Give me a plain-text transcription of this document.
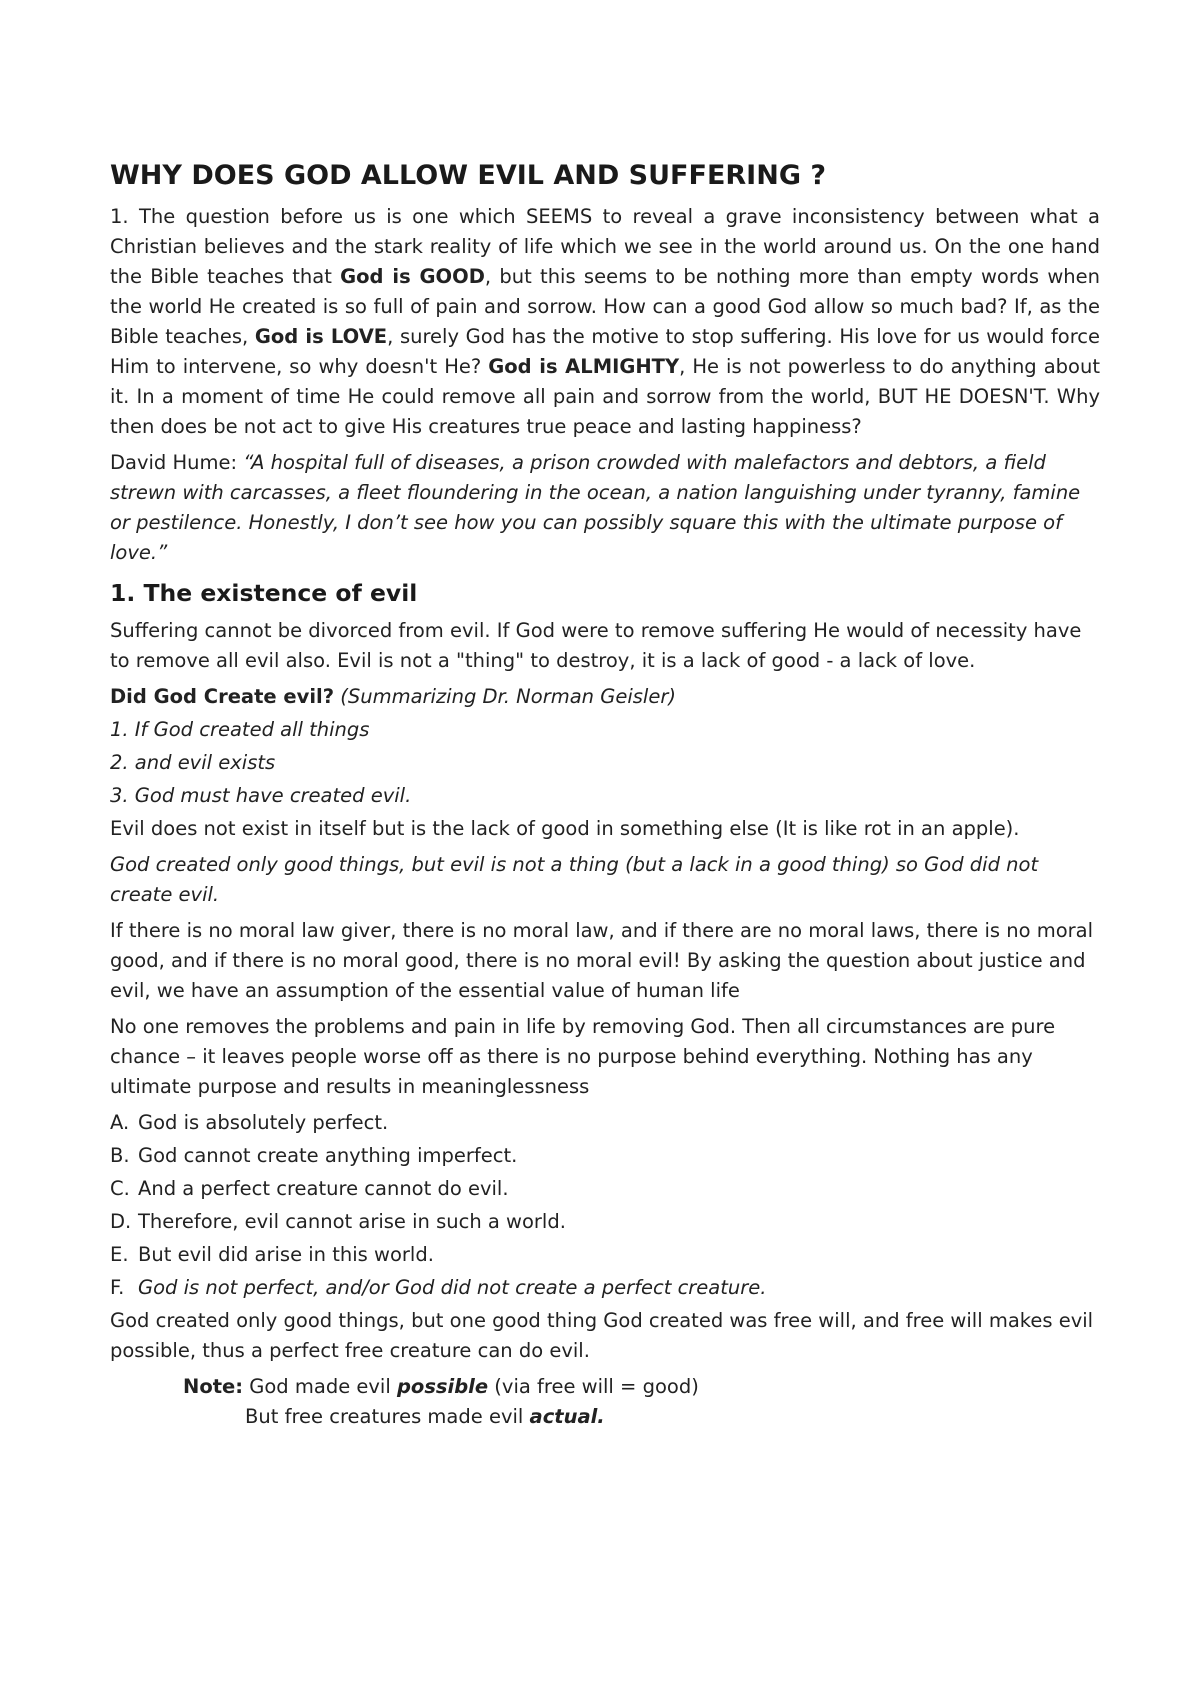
WHY DOES GOD ALLOW EVIL AND SUFFERING ?

1. The question before us is one which SEEMS to reveal a grave inconsistency between what a Christian believes and the stark reality of life which we see in the world around us. On the one hand the Bible teaches that God is GOOD, but this seems to be nothing more than empty words when the world He created is so full of pain and sorrow. How can a good God allow so much bad? If, as the Bible teaches, God is LOVE, surely God has the motive to stop suffering. His love for us would force Him to intervene, so why doesn't He? God is ALMIGHTY, He is not powerless to do anything about it. In a moment of time He could remove all pain and sorrow from the world, BUT HE DOESN'T. Why then does be not act to give His creatures true peace and lasting happiness?

David Hume: “A hospital full of diseases, a prison crowded with malefactors and debtors, a field strewn with carcasses, a fleet floundering in the ocean, a nation languishing under tyranny, famine or pestilence. Honestly, I don’t see how you can possibly square this with the ultimate purpose of love.”

1. The existence of evil

Suffering cannot be divorced from evil. If God were to remove suffering He would of necessity have to remove all evil also. Evil is not a "thing" to destroy, it is a lack of good - a lack of love.

Did God Create evil? (Summarizing Dr. Norman Geisler)

1. If God created all things

2. and evil exists

3. God must have created evil.

Evil does not exist in itself but is the lack of good in something else (It is like rot in an apple).

God created only good things, but evil is not a thing (but a lack in a good thing) so God did not create evil.

If there is no moral law giver, there is no moral law, and if there are no moral laws, there is no moral good, and if there is no moral good, there is no moral evil! By asking the question about justice and evil, we have an assumption of the essential value of human life

No one removes the problems and pain in life by removing God. Then all circumstances are pure chance – it leaves people worse off as there is no purpose behind everything. Nothing has any ultimate purpose and results in meaninglessness

A. God is absolutely perfect.

B. God cannot create anything imperfect.

C. And a perfect creature cannot do evil.

D. Therefore, evil cannot arise in such a world.

E. But evil did arise in this world.

F. God is not perfect, and/or God did not create a perfect creature.

God created only good things, but one good thing God created was free will, and free will makes evil possible, thus a perfect free creature can do evil.

Note: God made evil possible (via free will = good)
But free creatures made evil actual.
